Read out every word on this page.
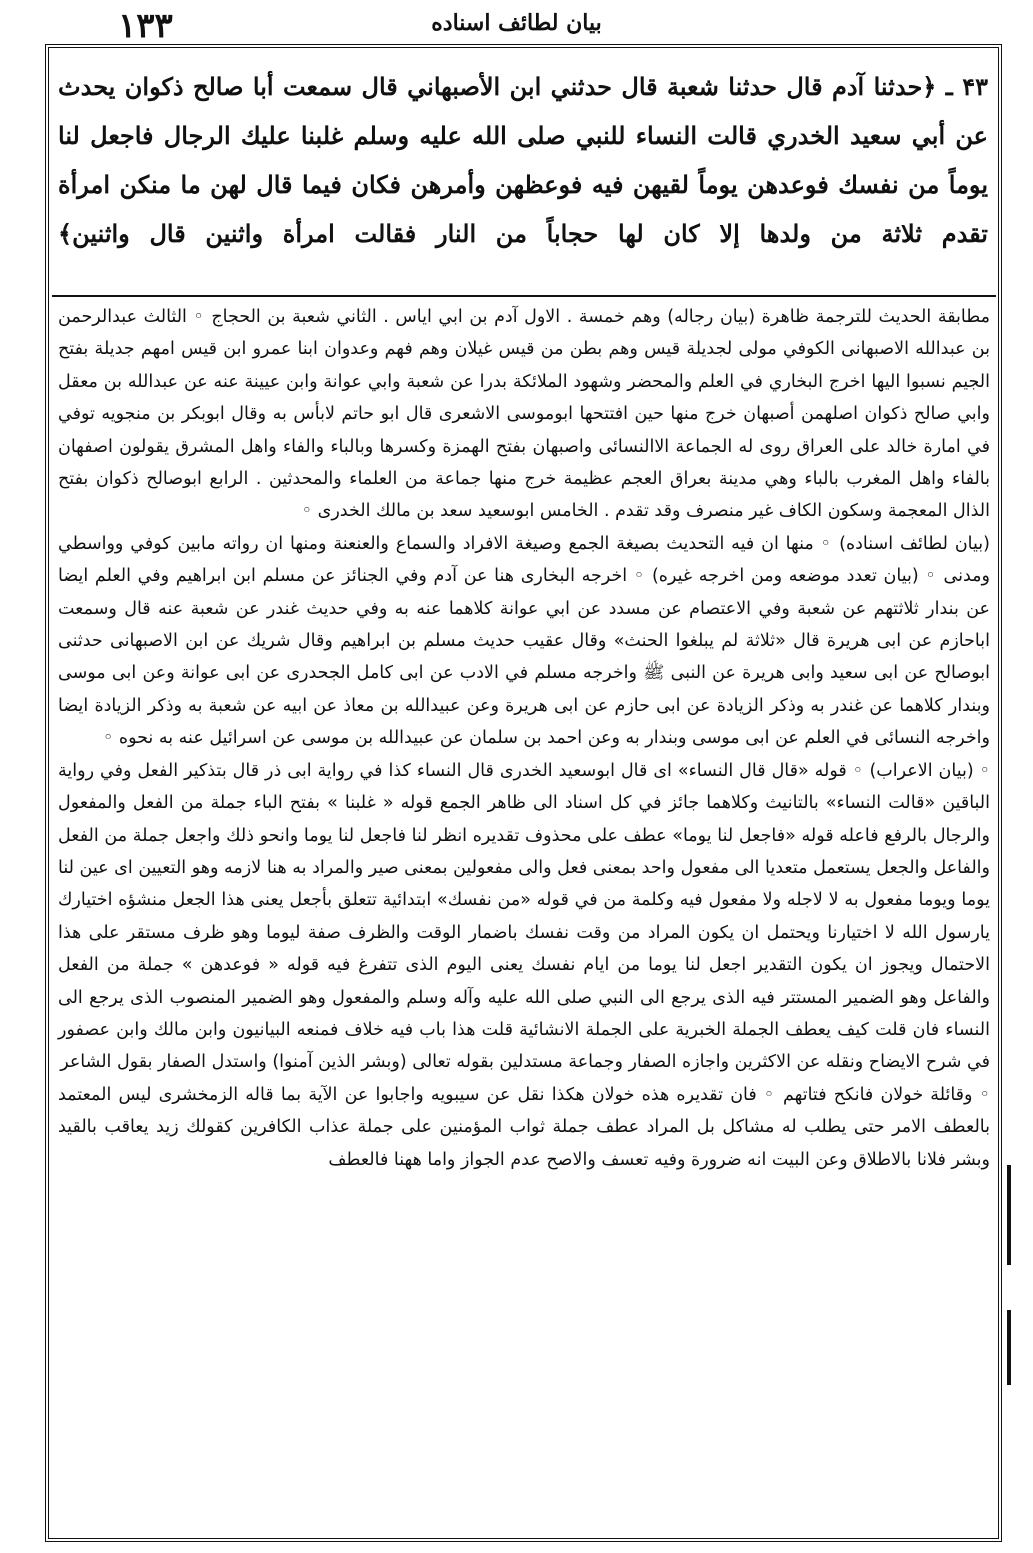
۱۳۳	بيان لطائف اسناده
۴۳ ـ ﴿حدثنا آدم قال حدثنا شعبة قال حدثني ابن الأصبهاني قال سمعت أبا صالح ذكوان يحدث عن أبي سعيد الخدري قالت النساء للنبي صلى الله عليه وسلم غلبنا عليك الرجال فاجعل لنا يوماً من نفسك فوعدهن يوماً لقيهن فيه فوعظهن وأمرهن فكان فيما قال لهن ما منكن امرأة تقدم ثلاثة من ولدها إلا كان لها حجاباً من النار فقالت امرأة واثنين قال واثنين﴾

مطابقة الحديث للترجمة ظاهرة (بيان رجاله) وهم خمسة . الاول آدم بن ابي اياس . الثاني شعبة بن الحجاج ◦ الثالث عبدالرحمن بن عبدالله الاصبهانى الكوفي مولى لجديلة قيس وهم بطن من قيس غيلان وهم فهم وعدوان ابنا عمرو ابن قيس امهم جديلة بفتح الجيم نسبوا اليها اخرج البخاري في العلم والمحضر وشهود الملائكة بدرا عن شعبة وابي عوانة وابن عيينة عنه عن عبدالله بن معقل وابي صالح ذكوان اصلهمن أصبهان خرج منها حين افتتحها ابوموسى الاشعرى قال ابو حاتم لابأس به وقال ابوبكر بن منجويه توفي في امارة خالد على العراق روى له الجماعة الاالنسائى واصبهان بفتح الهمزة وكسرها وبالباء والفاء واهل المشرق يقولون اصفهان بالفاء واهل المغرب بالباء وهي مدينة بعراق العجم عظيمة خرج منها جماعة من العلماء والمحدثين . الرابع ابوصالح ذكوان بفتح الذال المعجمة وسكون الكاف غير منصرف وقد تقدم . الخامس ابوسعيد سعد بن مالك الخدرى ◦

(بيان لطائف اسناده) ◦ منها ان فيه التحديث بصيغة الجمع وصيغة الافراد والسماع والعنعنة ومنها ان رواته مابين كوفي وواسطي ومدنى ◦ (بيان تعدد موضعه ومن اخرجه غيره) ◦ اخرجه البخارى هنا عن آدم وفي الجنائز عن مسلم ابن ابراهيم وفي العلم ايضا عن بندار ثلاثتهم عن شعبة وفي الاعتصام عن مسدد عن ابي عوانة كلاهما عنه به وفي حديث غندر عن شعبة عنه قال وسمعت اباحازم عن ابى هريرة قال «ثلاثة لم يبلغوا الحنث» وقال عقيب حديث مسلم بن ابراهيم وقال شريك عن ابن الاصبهانى حدثنى ابوصالح عن ابى سعيد وابى هريرة عن النبى ﷺ واخرجه مسلم في الادب عن ابى كامل الجحدرى عن ابى عوانة وعن ابى موسى وبندار كلاهما عن غندر به وذكر الزيادة عن ابى حازم عن ابى هريرة وعن عبيدالله بن معاذ عن ابيه عن شعبة به وذكر الزيادة ايضا واخرجه النسائى في العلم عن ابى موسى وبندار به وعن احمد بن سلمان عن عبيدالله بن موسى عن اسرائيل عنه به نحوه ◦

◦ (بيان الاعراب) ◦ قوله «قال قال النساء» اى قال ابوسعيد الخدرى قال النساء كذا في رواية ابى ذر قال بتذكير الفعل وفي رواية الباقين «قالت النساء» بالتانيث وكلاهما جائز في كل اسناد الى ظاهر الجمع قوله « غلبنا » بفتح الباء جملة من الفعل والمفعول والرجال بالرفع فاعله قوله «فاجعل لنا يوما» عطف على محذوف تقديره انظر لنا فاجعل لنا يوما وانحو ذلك واجعل جملة من الفعل والفاعل والجعل يستعمل متعديا الى مفعول واحد بمعنى فعل والى مفعولين بمعنى صير والمراد به هنا لازمه وهو التعيين اى عين لنا يوما ويوما مفعول به لا لاجله ولا مفعول فيه وكلمة من في قوله «من نفسك» ابتدائية تتعلق بأجعل يعنى هذا الجعل منشؤه اختيارك يارسول الله لا اختيارنا ويحتمل ان يكون المراد من وقت نفسك باضمار الوقت والظرف صفة ليوما وهو ظرف مستقر على هذا الاحتمال ويجوز ان يكون التقدير اجعل لنا يوما من ايام نفسك يعنى اليوم الذى تتفرغ فيه قوله « فوعدهن » جملة من الفعل والفاعل وهو الضمير المستتر فيه الذى يرجع الى النبي صلى الله عليه وآله وسلم والمفعول وهو الضمير المنصوب الذى يرجع الى النساء فان قلت كيف يعطف الجملة الخبرية على الجملة الانشائية قلت هذا باب فيه خلاف فمنعه البيانيون وابن مالك وابن عصفور في شرح الايضاح ونقله عن الاكثرين واجازه الصفار وجماعة مستدلين بقوله تعالى (وبشر الذين آمنوا) واستدل الصفار بقول الشاعر

◦ وقائلة خولان فانكح فتاتهم ◦ فان تقديره هذه خولان هكذا نقل عن سيبويه واجابوا عن الآية بما قاله الزمخشرى ليس المعتمد بالعطف الامر حتى يطلب له مشاكل بل المراد عطف جملة ثواب المؤمنين على جملة عذاب الكافرين كقولك زيد يعاقب بالقيد وبشر فلانا بالاطلاق وعن البيت انه ضرورة وفيه تعسف والاصح عدم الجواز واما ههنا فالعطف
